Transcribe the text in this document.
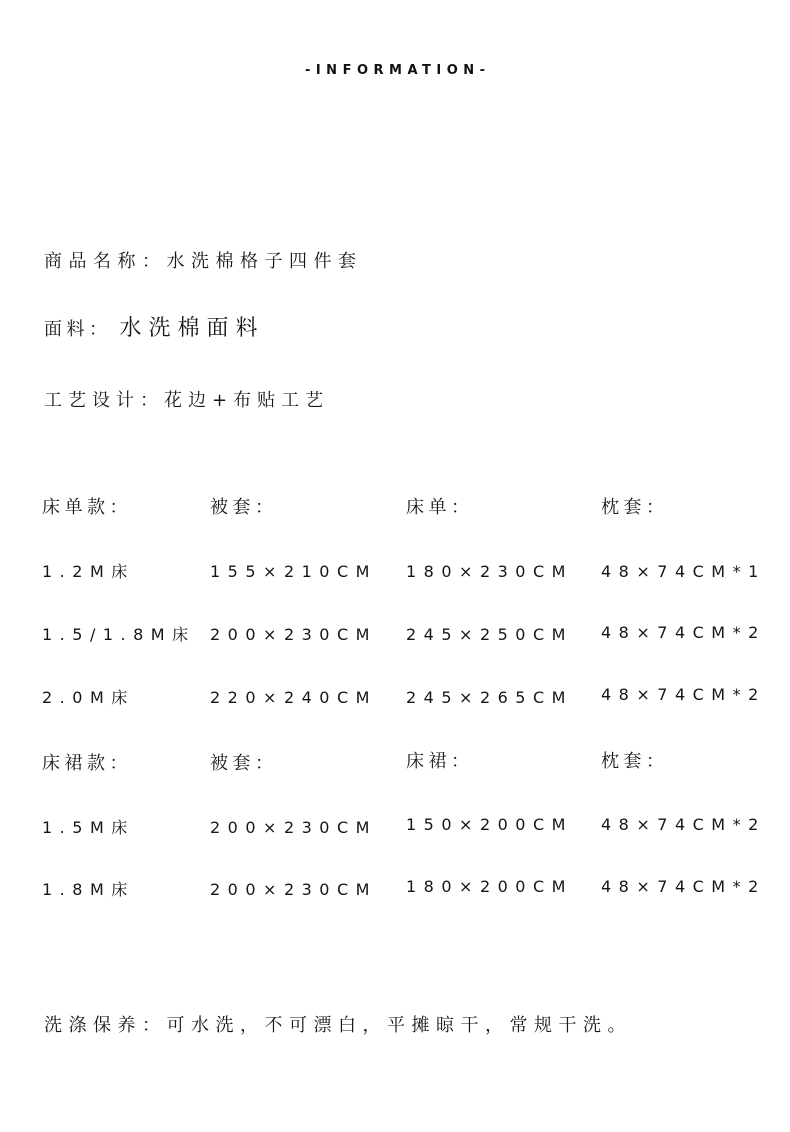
-INFORMATION-
商品名称：水洗棉格子四件套
面料： 水洗棉面料
工艺设计：花边+布贴工艺
床单款：	被套：	床单：	枕套：
1.2M床	155×210CM 180×230CM 48×74CM*1
1.5/1.8M床 200×230CM 245×250CM 48×74CM*2
2.0M床	220×240CM 245×265CM 48×74CM*2
床裙款：	被套：	床裙：	枕套：
1.5M床	200×230CM 150×200CM 48×74CM*2
1.8M床	200×230CM 180×200CM 48×74CM*2
洗涤保养：可水洗，不可漂白，平摊晾干，常规干洗。
